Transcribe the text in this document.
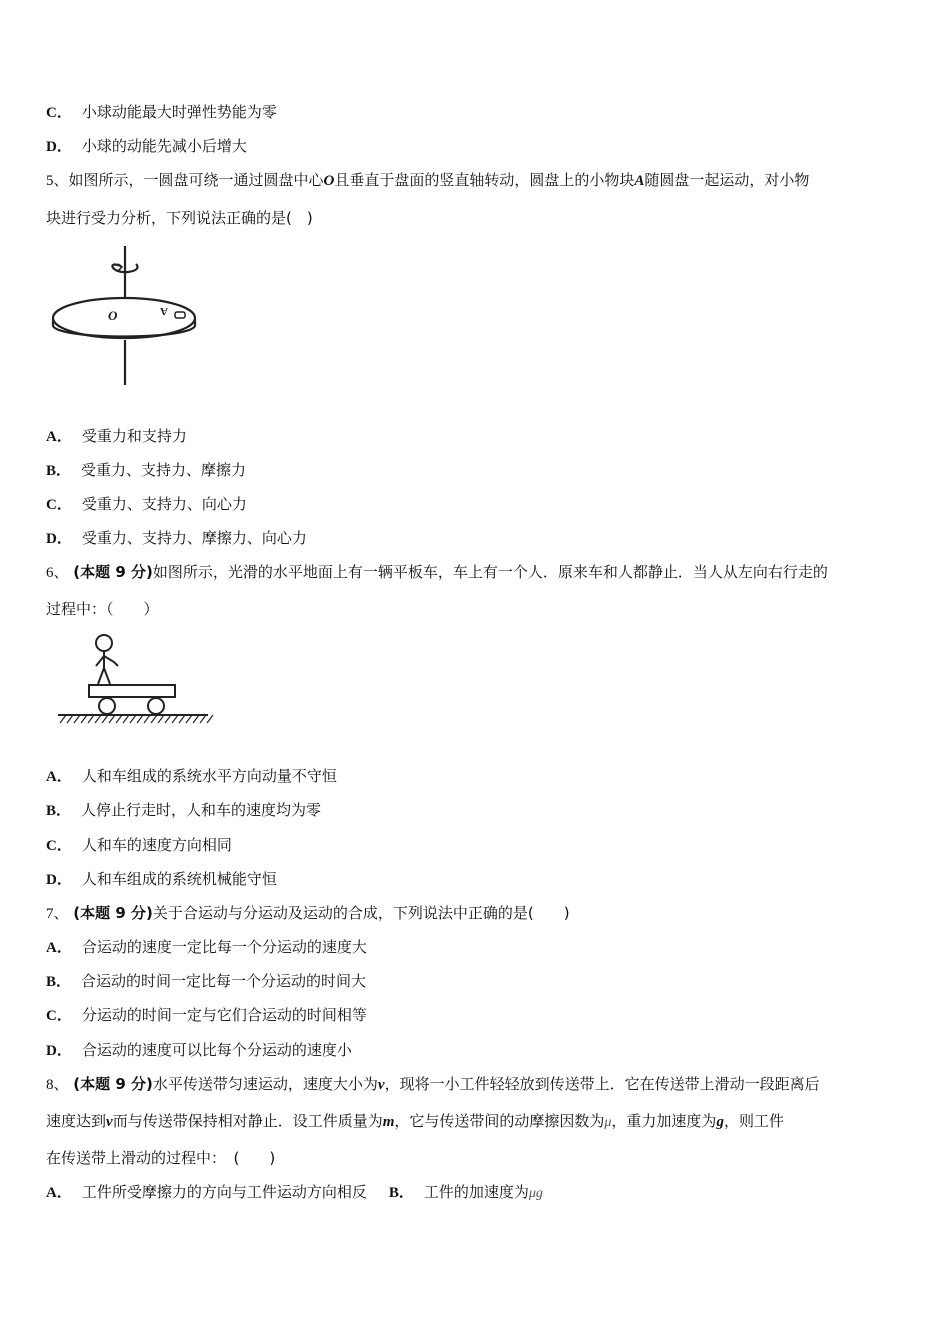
C． 小球动能最大时弹性势能为零
D． 小球的动能先减小后增大
5、如图所示，一圆盘可绕一通过圆盘中心O且垂直于盘面的竖直轴转动，圆盘上的小物块A随圆盘一起运动，对小物
块进行受力分析，下列说法正确的是(　)
O	A
A． 受重力和支持力
B． 受重力、支持力、摩擦力
C． 受重力、支持力、向心力
D． 受重力、支持力、摩擦力、向心力
6、 (本题 9 分)如图所示，光滑的水平地面上有一辆平板车，车上有一个人．原来车和人都静止．当人从左向右行走的
过程中：（　　）
A． 人和车组成的系统水平方向动量不守恒
B． 人停止行走时，人和车的速度均为零
C． 人和车的速度方向相同
D． 人和车组成的系统机械能守恒
7、 (本题 9 分)关于合运动与分运动及运动的合成，下列说法中正确的是(　　)
A． 合运动的速度一定比每一个分运动的速度大
B． 合运动的时间一定比每一个分运动的时间大
C． 分运动的时间一定与它们合运动的时间相等
D． 合运动的速度可以比每个分运动的速度小
8、 (本题 9 分)水平传送带匀速运动，速度大小为v，现将一小工件轻轻放到传送带上．它在传送带上滑动一段距离后
速度达到v而与传送带保持相对静止．设工件质量为m，它与传送带间的动摩擦因数为μ，重力加速度为g，则工件
在传送带上滑动的过程中：　(　　)
A． 工件所受摩擦力的方向与工件运动方向相反 B． 工件的加速度为μg
